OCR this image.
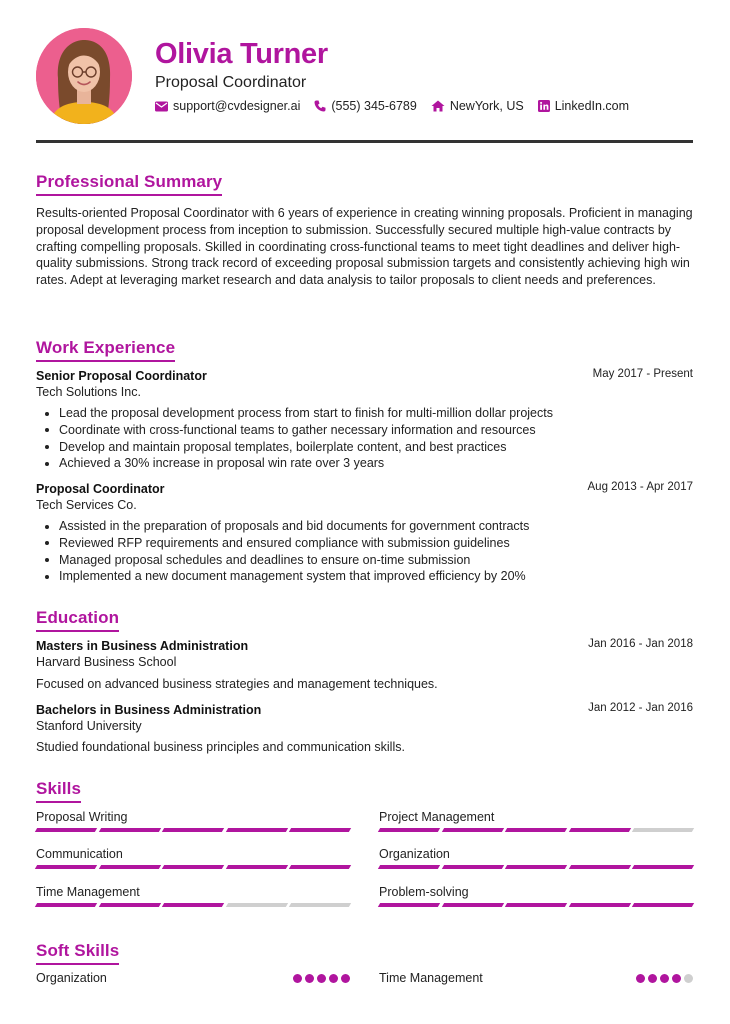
Olivia Turner
Proposal Coordinator
support@cvdesigner.ai (555) 345-6789	NewYork, US LinkedIn.com
Professional Summary

Results-oriented Proposal Coordinator with 6 years of experience in creating winning proposals. Proficient in managing proposal development process from inception to submission. Successfully secured multiple high-value contracts by crafting compelling proposals. Skilled in coordinating cross-functional teams to meet tight deadlines and deliver high-quality submissions. Strong track record of exceeding proposal submission targets and consistently achieving high win rates. Adept at leveraging market research and data analysis to tailor proposals to client needs and preferences.

Work Experience
Senior Proposal Coordinator	May 2017 - Present
Tech Solutions Inc.
Lead the proposal development process from start to finish for multi-million dollar projects
Coordinate with cross-functional teams to gather necessary information and resources
Develop and maintain proposal templates, boilerplate content, and best practices
Achieved a 30% increase in proposal win rate over 3 years
Proposal Coordinator	Aug 2013 - Apr 2017
Tech Services Co.
Assisted in the preparation of proposals and bid documents for government contracts
Reviewed RFP requirements and ensured compliance with submission guidelines
Managed proposal schedules and deadlines to ensure on-time submission
Implemented a new document management system that improved efficiency by 20%
Education
Masters in Business Administration	Jan 2016 - Jan 2018
Harvard Business School
Focused on advanced business strategies and management techniques.
Bachelors in Business Administration	Jan 2012 - Jan 2016
Stanford University
Studied foundational business principles and communication skills.
Skills
Proposal Writing	Project Management
Communication	Organization
Time Management	Problem-solving
Soft Skills
Organization	Time Management
